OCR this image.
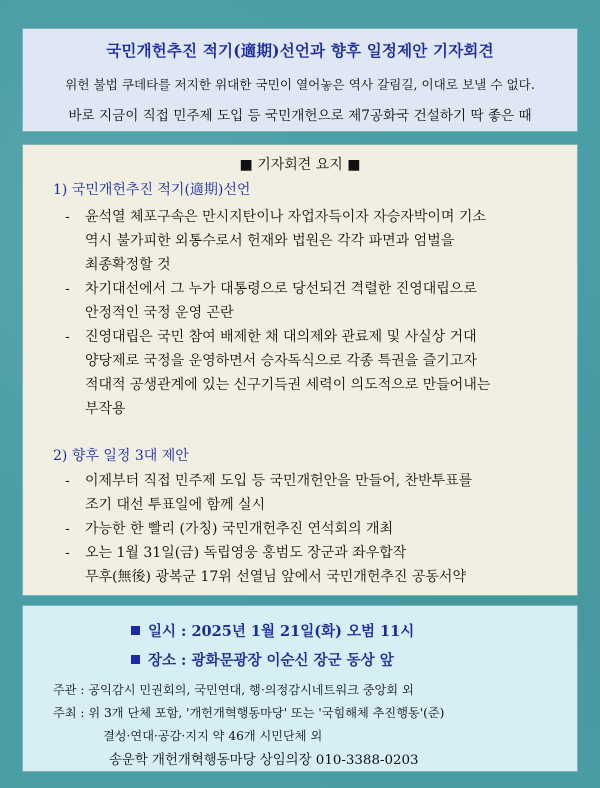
국민개헌추진 적기(適期)선언과 향후 일정제안 기자회견
위헌 불법 쿠데타를 저지한 위대한 국민이 열어놓은 역사 갈림길, 이대로 보낼 수 없다.
바로 지금이 직접 민주제 도입 등 국민개헌으로 제7공화국 건설하기 딱 좋은 때
■ 기자회견 요지 ■
1) 국민개헌추진 적기(適期)선언
- 윤석열 체포구속은 만시지탄이나 자업자득이자 자승자박이며 기소
역시 불가피한 외통수로서 헌재와 법원은 각각 파면과 엄벌을
최종확정할 것
- 차기대선에서 그 누가 대통령으로 당선되건 격렬한 진영대립으로
안정적인 국정 운영 곤란
- 진영대립은 국민 참여 배제한 채 대의제와 관료제 및 사실상 거대
양당제로 국정을 운영하면서 승자독식으로 각종 특권을 즐기고자
적대적 공생관계에 있는 신구기득권 세력이 의도적으로 만들어내는
부작용
2) 향후 일정 3대 제안
- 이제부터 직접 민주제 도입 등 국민개헌안을 만들어, 찬반투표를
조기 대선 투표일에 함께 실시
- 가능한 한 빨리 (가칭) 국민개헌추진 연석회의 개최
- 오는 1월 31일(금) 독립영웅 홍범도 장군과 좌우합작
무후(無後) 광복군 17위 선열님 앞에서 국민개헌추진 공동서약
일시 : 2025년 1월 21일(화) 오범 11시
장소 : 광화문광장 이순신 장군 동상 앞
주관 : 공익감시 민권회의, 국민연대, 행·의정감시네트워크 중앙회 외
주최 : 위 3개 단체 포함, '개헌개혁행동마당' 또는 '국힘해체 추진행동'(준)
결성·연대·공감·지지 약 46개 시민단체 외
송운학 개헌개혁행동마당 상임의장 010-3388-0203
